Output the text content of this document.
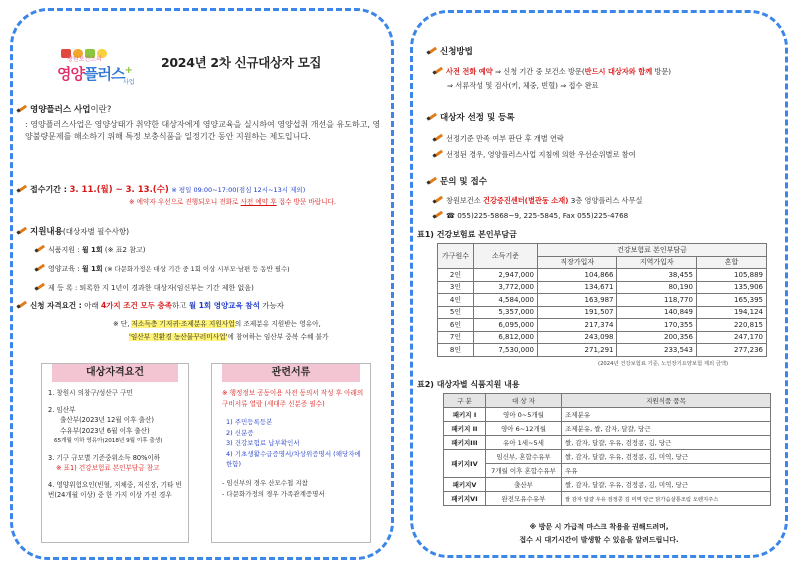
창원보건소의
영양플러스+
사업
2024년 2차 신규대상자 모집
영양플러스 사업이란?
: 영양플러스사업은 영양상태가 취약한 대상자에게 영양교육을 실시하여 영양섭취 개선을 유도하고, 영양불량문제를 해소하기 위해 특정 보충식품을 일정기간 동안 지원하는 제도입니다.
접수기간 : 3. 11.(월) ~ 3. 13.(수) ※ 평일 09:00~17:00(점심 12시~13시 제외)
※ 예약자 우선으로 진행되오니 전화로 사전 예약 후 접수 방문 바랍니다.
지원내용(대상자별 필수사항)
식품지원 : 월 1회 (※ 표2 참고)
영양교육 : 월 1회 (※ 다문화가정은 대상 기간 중 1회 이상 시부모·남편 등 동반 필수)
제 등 록 : 퇴록한 지 1년이 경과한 대상자(임신부는 기간 제한 없음)
신청 자격요건 : 아래 4가지 조건 모두 충족하고 월 1회 영양교육 참석 가능자
※ 단, 저소득층 기저귀·조제분유 지원사업의 조제분유 지원받는 영유아,
'임산부 친환경 농산물꾸러미사업'에 참여하는 임산부 중복 수혜 불가
대상자격요건
1. 창원시 의창구/성산구 구민
2. 임산부
출산부(2023년 12월 이후 출산)
수유부(2023년 6월 이후 출산)
65개월 이하 영유아(2018년 9월 이후 출생)
3. 기구 규모별 기준중위소득 80%이하
※ 표1) 건강보험료 본인부담금 참고
4. 영양위험요인(빈혈, 저체중, 저신장, 기타 빈번(24개월 이상) 중 한 가지 이상 가진 경우
관련서류
※ 행정정보 공동이용 사전 동의서 작성 후 아래의 구비서류 열람 (세대주 신분증 필수)
1) 주민등록등본
2) 신분증
3) 건강보험료 납부확인서
4) 기초생활수급증명서/차상위증명서 (해당자에 한함)
- 임신부의 경우 산모수첩 지참
- 다문화가정의 경우 가족관계증명서
신청방법
사전 전화 예약 ⇒ 신청 기간 중 보건소 방문(반드시 대상자와 함께 방문)
⇒ 서류작성 및 검사(키, 체중, 빈혈) ⇒ 접수 완료
대상자 선정 및 등록
선정기준 만족 여부 판단 후 개별 연락
선정된 경우, 영양플러스사업 지침에 의한 우선순위별로 참여
문의 및 접수
창원보건소 건강증진센터(별관동 소재) 3층 영양플러스 사무실
☎ 055)225-5868~9, 225-5845, Fax 055)225-4768
표1) 건강보험료 본인부담금
가구원수	소득기준	건강보험료 본인부담금		
		직장가입자	지역가입자	혼합
2인	2,947,000	104,866	38,455	105,889
3인	3,772,000	134,671	80,190	135,906
4인	4,584,000	163,987	118,770	165,395
5인	5,357,000	191,507	140,849	194,124
6인	6,095,000	217,374	170,355	220,815
7인	6,812,000	243,098	200,356	247,170
8인	7,530,000	271,291	233,543	277,236
(2024년 건강보험료 기준, 노인장기요양보험 제외 금액)
표2) 대상자별 식품지원 내용
구 분	대 상 자	지원식품 품목
패키지 I	영아 0~5개월	조제분유
패키지 II	영아 6~12개월	조제분유, 쌀, 감자, 달걀, 당근
패키지III	유아 1세~5세	쌀, 감자, 달걀, 우유, 검정콩, 김, 당근
패키지IV	임신부, 혼합수유부	쌀, 감자, 달걀, 우유, 검정콩, 김, 미역, 당근
	7개월 이후 혼합수유부	우유
패키지V	출산부	쌀, 감자, 달걀, 우유, 검정콩, 김, 미역, 당근
패키지VI	완전모유수유부	쌀 감자 달걀 우유 검정콩 김 미역 당근 닭가슴살통조림 오렌지주스
※ 방문 시 가급적 마스크 착용을 권해드려며,
접수 시 대기시간이 발생할 수 있음을 알려드립니다.
